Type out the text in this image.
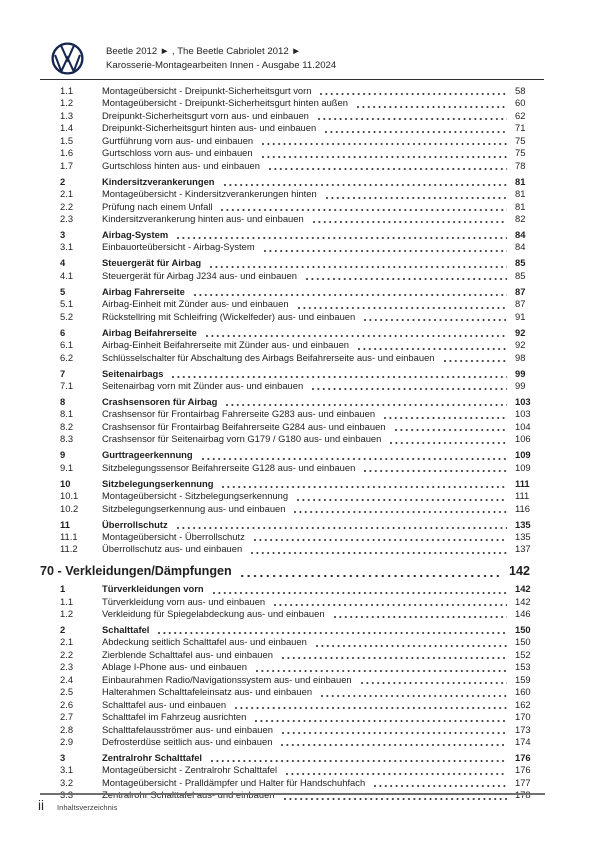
Beetle 2012 ► , The Beetle Cabriolet 2012 ►
Karosserie-Montagearbeiten Innen - Ausgabe 11.2024
1.1	Montageübersicht - Dreipunkt-Sicherheitsgurt vorn	58
1.2	Montageübersicht - Dreipunkt-Sicherheitsgurt hinten außen	60
1.3	Dreipunkt-Sicherheitsgurt vorn aus- und einbauen	62
1.4	Dreipunkt-Sicherheitsgurt hinten aus- und einbauen	71
1.5	Gurtführung vorn aus- und einbauen	75
1.6	Gurtschloss vorn aus- und einbauen	75
1.7	Gurtschloss hinten aus- und einbauen	78
2	Kindersitzverankerungen	81
2.1	Montageübersicht - Kindersitzverankerungen hinten	81
2.2	Prüfung nach einem Unfall	81
2.3	Kindersitzverankerung hinten aus- und einbauen	82
3	Airbag-System	84
3.1	Einbauorteübersicht - Airbag-System	84
4	Steuergerät für Airbag	85
4.1	Steuergerät für Airbag J234 aus- und einbauen	85
5	Airbag Fahrerseite	87
5.1	Airbag-Einheit mit Zünder aus- und einbauen	87
5.2	Rückstellring mit Schleifring (Wickelfeder) aus- und einbauen	91
6	Airbag Beifahrerseite	92
6.1	Airbag-Einheit Beifahrerseite mit Zünder aus- und einbauen	92
6.2	Schlüsselschalter für Abschaltung des Airbags Beifahrerseite aus- und einbauen	98
7	Seitenairbags	99
7.1	Seitenairbag vorn mit Zünder aus- und einbauen	99
8	Crashsensoren für Airbag	103
8.1	Crashsensor für Frontairbag Fahrerseite G283 aus- und einbauen	103
8.2	Crashsensor für Frontairbag Beifahrerseite G284 aus- und einbauen	104
8.3	Crashsensor für Seitenairbag vorn G179 / G180 aus- und einbauen	106
9	Gurttrageerkennung	109
9.1	Sitzbelegungssensor Beifahrerseite G128 aus- und einbauen	109
10	Sitzbelegungserkennung	111
10.1	Montageübersicht - Sitzbelegungserkennung	111
10.2	Sitzbelegungserkennung aus- und einbauen	116
11	Überrollschutz	135
11.1	Montageübersicht - Überrollschutz	135
11.2	Überrollschutz aus- und einbauen	137
70 - Verkleidungen/Dämpfungen	142
1	Türverkleidungen vorn	142
1.1	Türverkleidung vorn aus- und einbauen	142
1.2	Verkleidung für Spiegelabdeckung aus- und einbauen	146
2	Schalttafel	150
2.1	Abdeckung seitlich Schalttafel aus- und einbauen	150
2.2	Zierblende Schalttafel aus- und einbauen	152
2.3	Ablage I-Phone aus- und einbauen	153
2.4	Einbaurahmen Radio/Navigationssystem aus- und einbauen	159
2.5	Halterahmen Schalttafeleinsatz aus- und einbauen	160
2.6	Schalttafel aus- und einbauen	162
2.7	Schalttafel im Fahrzeug ausrichten	170
2.8	Schalttafelausströmer aus- und einbauen	173
2.9	Defrosterdüse seitlich aus- und einbauen	174
3	Zentralrohr Schalttafel	176
3.1	Montageübersicht - Zentralrohr Schalttafel	176
3.2	Montageübersicht - Pralldämpfer und Halter für Handschuhfach	177
3.3	Zentralrohr Schalttafel aus- und einbauen	178
ii Inhaltsverzeichnis
